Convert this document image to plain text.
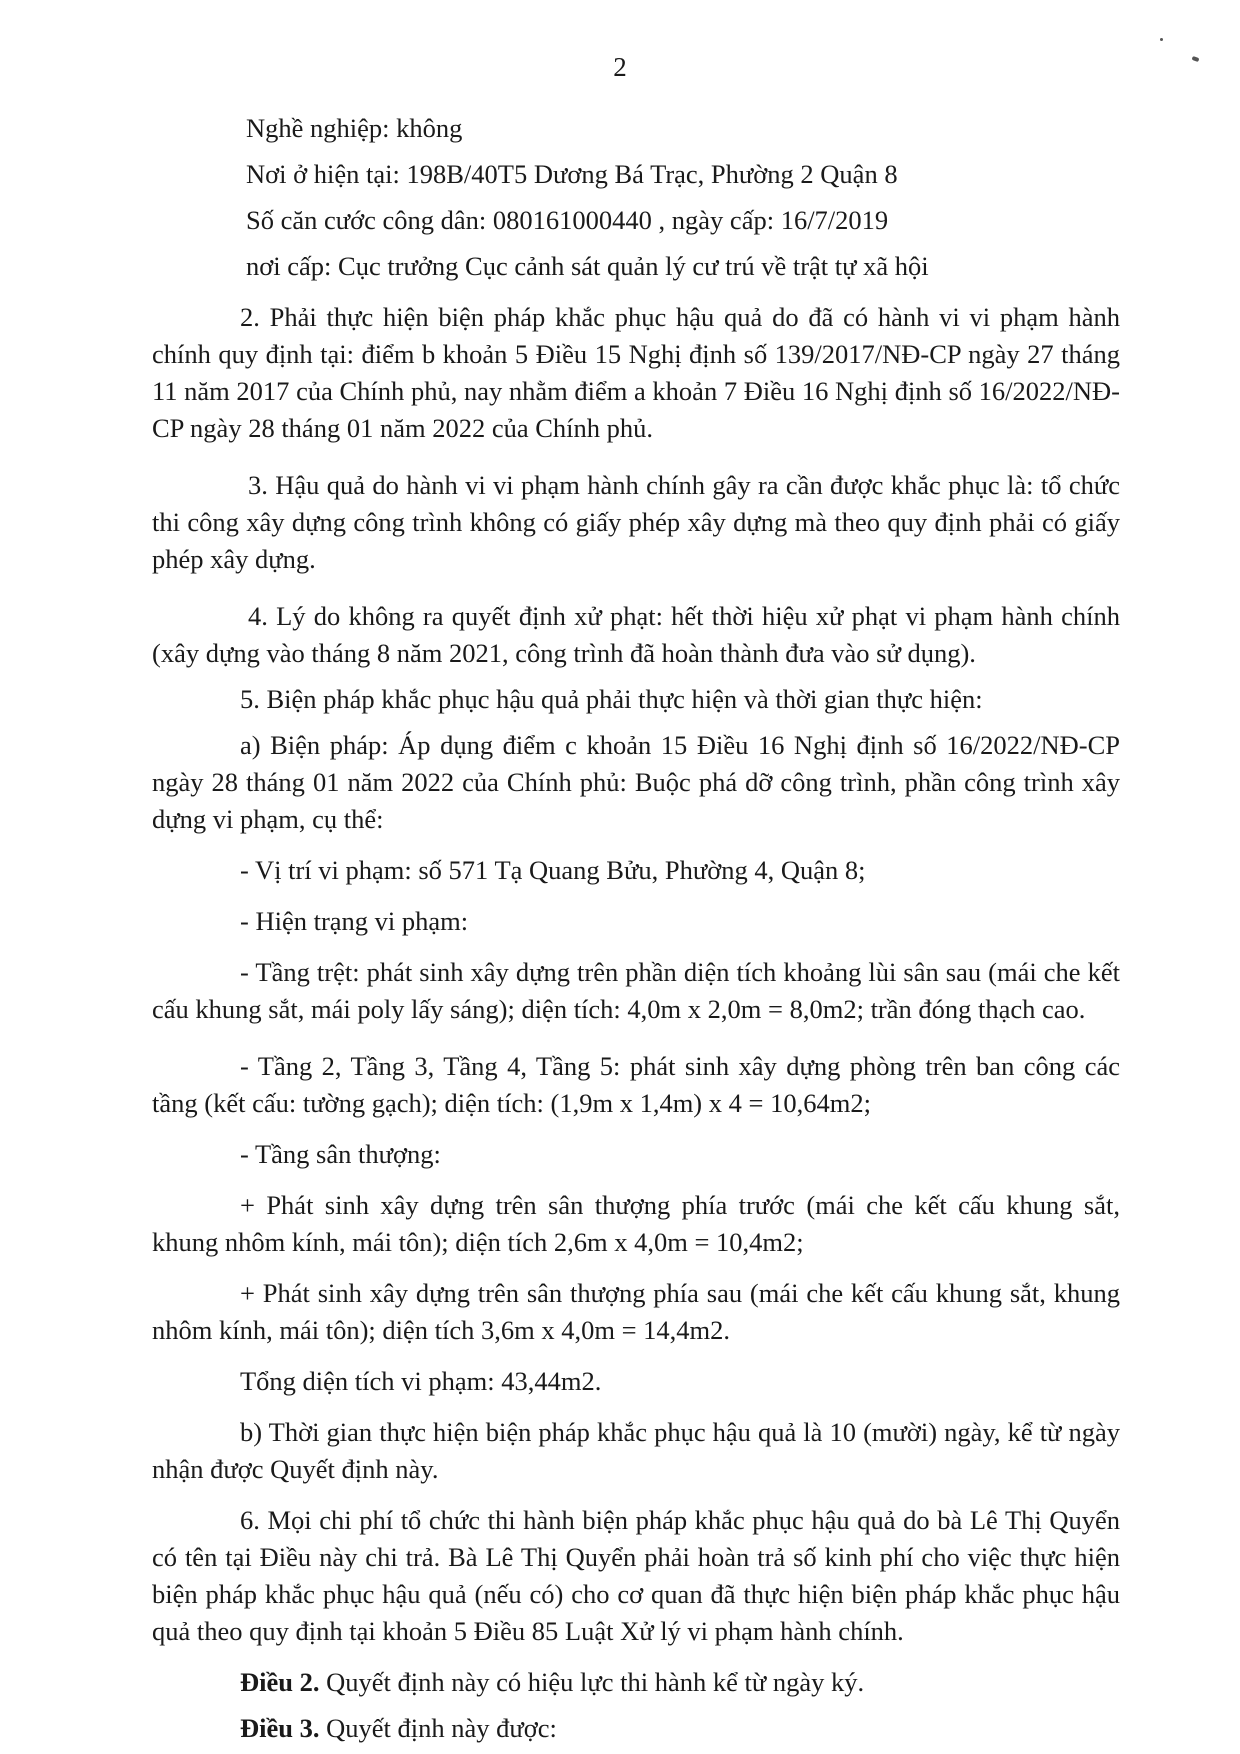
2

Nghề nghiệp: không

Nơi ở hiện tại: 198B/40T5 Dương Bá Trạc, Phường 2 Quận 8

Số căn cước công dân: 080161000440 , ngày cấp: 16/7/2019

nơi cấp: Cục trưởng Cục cảnh sát quản lý cư trú về trật tự xã hội

2. Phải thực hiện biện pháp khắc phục hậu quả do đã có hành vi vi phạm hành chính quy định tại: điểm b khoản 5 Điều 15 Nghị định số 139/2017/NĐ-CP ngày 27 tháng 11 năm 2017 của Chính phủ, nay nhằm điểm a khoản 7 Điều 16 Nghị định số 16/2022/NĐ-CP ngày 28 tháng 01 năm 2022 của Chính phủ.

3. Hậu quả do hành vi vi phạm hành chính gây ra cần được khắc phục là: tổ chức thi công xây dựng công trình không có giấy phép xây dựng mà theo quy định phải có giấy phép xây dựng.

4. Lý do không ra quyết định xử phạt: hết thời hiệu xử phạt vi phạm hành chính (xây dựng vào tháng 8 năm 2021, công trình đã hoàn thành đưa vào sử dụng).

5. Biện pháp khắc phục hậu quả phải thực hiện và thời gian thực hiện:

a) Biện pháp: Áp dụng điểm c khoản 15 Điều 16 Nghị định số 16/2022/NĐ-CP ngày 28 tháng 01 năm 2022 của Chính phủ: Buộc phá dỡ công trình, phần công trình xây dựng vi phạm, cụ thể:

- Vị trí vi phạm: số 571 Tạ Quang Bửu, Phường 4, Quận 8;

- Hiện trạng vi phạm:

- Tầng trệt: phát sinh xây dựng trên phần diện tích khoảng lùi sân sau (mái che kết cấu khung sắt, mái poly lấy sáng); diện tích: 4,0m x 2,0m = 8,0m2; trần đóng thạch cao.

- Tầng 2, Tầng 3, Tầng 4, Tầng 5: phát sinh xây dựng phòng trên ban công các tầng (kết cấu: tường gạch); diện tích: (1,9m x 1,4m) x 4 = 10,64m2;

- Tầng sân thượng:

+ Phát sinh xây dựng trên sân thượng phía trước (mái che kết cấu khung sắt, khung nhôm kính, mái tôn); diện tích 2,6m x 4,0m = 10,4m2;

+ Phát sinh xây dựng trên sân thượng phía sau (mái che kết cấu khung sắt, khung nhôm kính, mái tôn); diện tích 3,6m x 4,0m = 14,4m2.

Tổng diện tích vi phạm: 43,44m2.

b) Thời gian thực hiện biện pháp khắc phục hậu quả là 10 (mười) ngày, kể từ ngày nhận được Quyết định này.

6. Mọi chi phí tổ chức thi hành biện pháp khắc phục hậu quả do bà Lê Thị Quyển có tên tại Điều này chi trả. Bà Lê Thị Quyển phải hoàn trả số kinh phí cho việc thực hiện biện pháp khắc phục hậu quả (nếu có) cho cơ quan đã thực hiện biện pháp khắc phục hậu quả theo quy định tại khoản 5 Điều 85 Luật Xử lý vi phạm hành chính.

Điều 2. Quyết định này có hiệu lực thi hành kể từ ngày ký.

Điều 3. Quyết định này được:
